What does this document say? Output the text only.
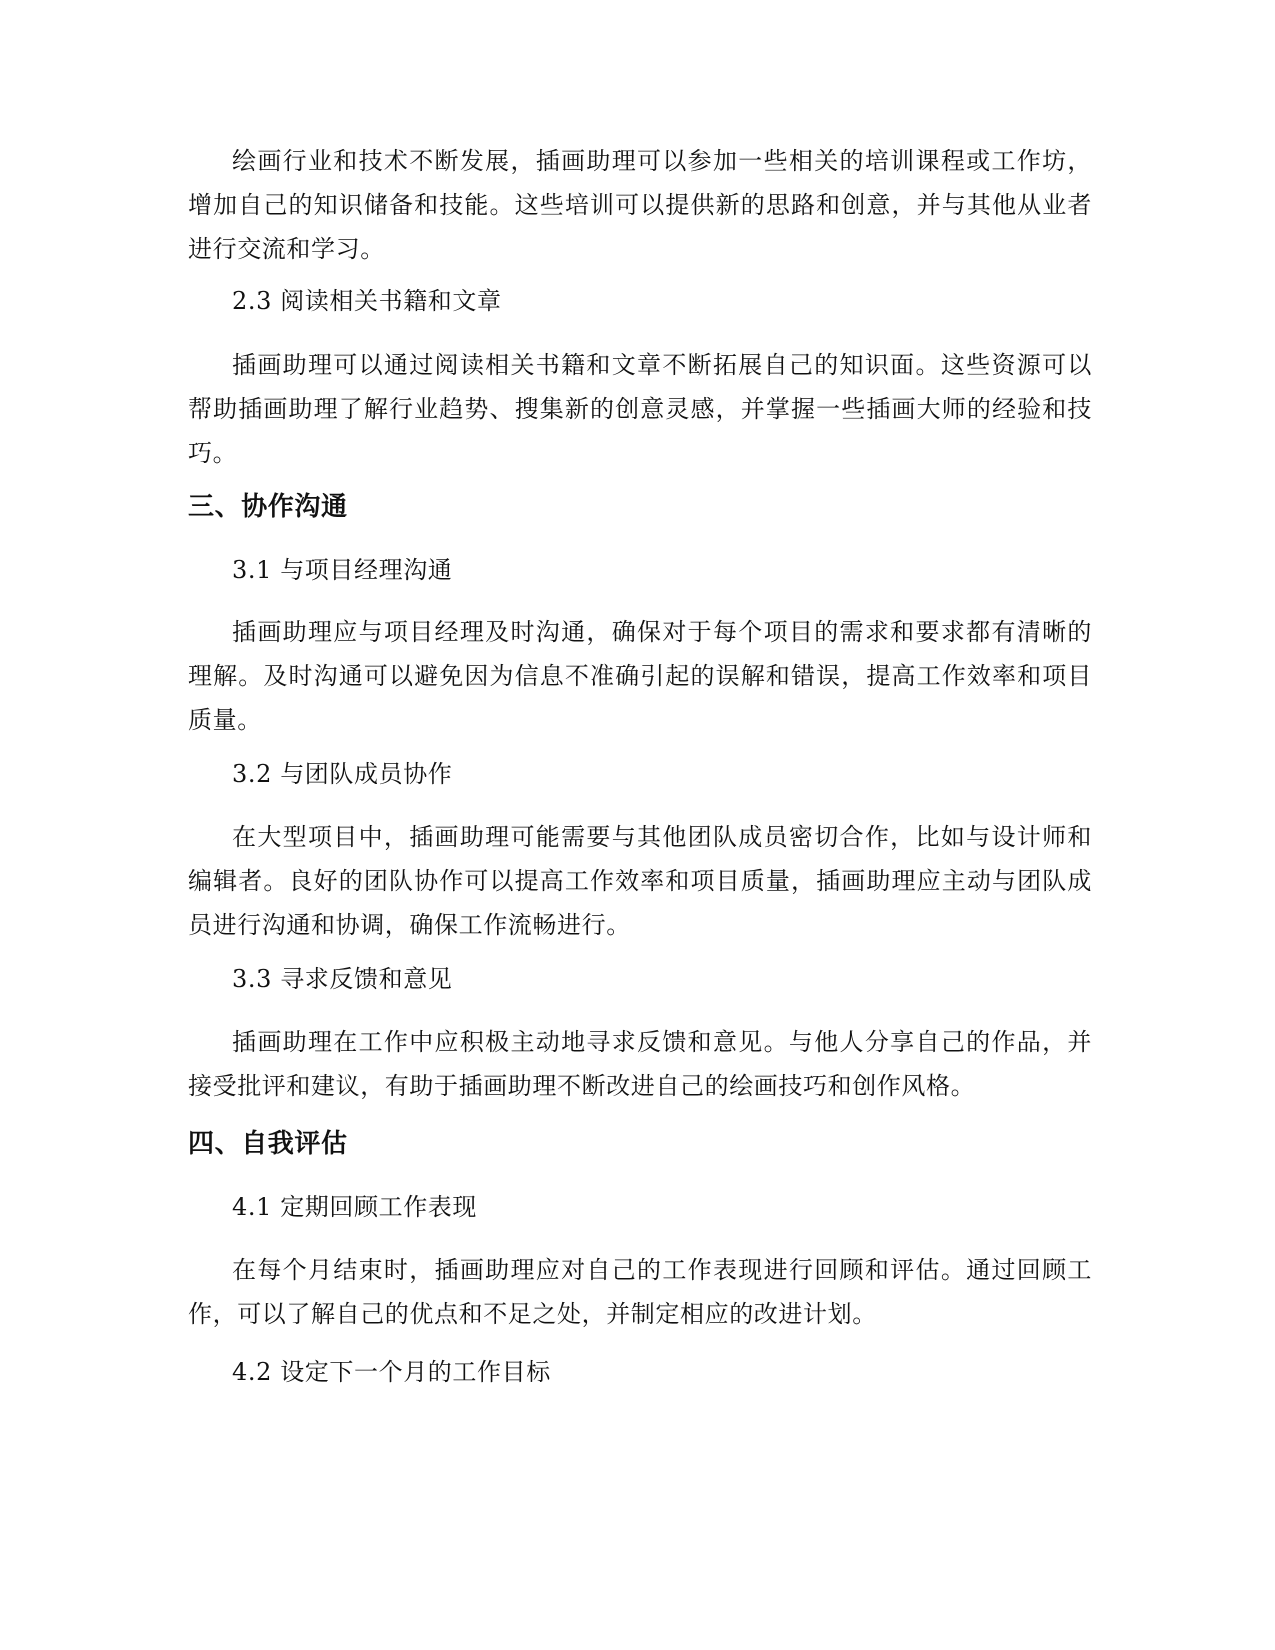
绘画行业和技术不断发展，插画助理可以参加一些相关的培训课程或工作坊，增加自己的知识储备和技能。这些培训可以提供新的思路和创意，并与其他从业者进行交流和学习。

2.3 阅读相关书籍和文章

插画助理可以通过阅读相关书籍和文章不断拓展自己的知识面。这些资源可以帮助插画助理了解行业趋势、搜集新的创意灵感，并掌握一些插画大师的经验和技巧。

三、协作沟通

3.1 与项目经理沟通

插画助理应与项目经理及时沟通，确保对于每个项目的需求和要求都有清晰的理解。及时沟通可以避免因为信息不准确引起的误解和错误，提高工作效率和项目质量。

3.2 与团队成员协作

在大型项目中，插画助理可能需要与其他团队成员密切合作，比如与设计师和编辑者。良好的团队协作可以提高工作效率和项目质量，插画助理应主动与团队成员进行沟通和协调，确保工作流畅进行。

3.3 寻求反馈和意见

插画助理在工作中应积极主动地寻求反馈和意见。与他人分享自己的作品，并接受批评和建议，有助于插画助理不断改进自己的绘画技巧和创作风格。

四、自我评估

4.1 定期回顾工作表现

在每个月结束时，插画助理应对自己的工作表现进行回顾和评估。通过回顾工作，可以了解自己的优点和不足之处，并制定相应的改进计划。

4.2 设定下一个月的工作目标
